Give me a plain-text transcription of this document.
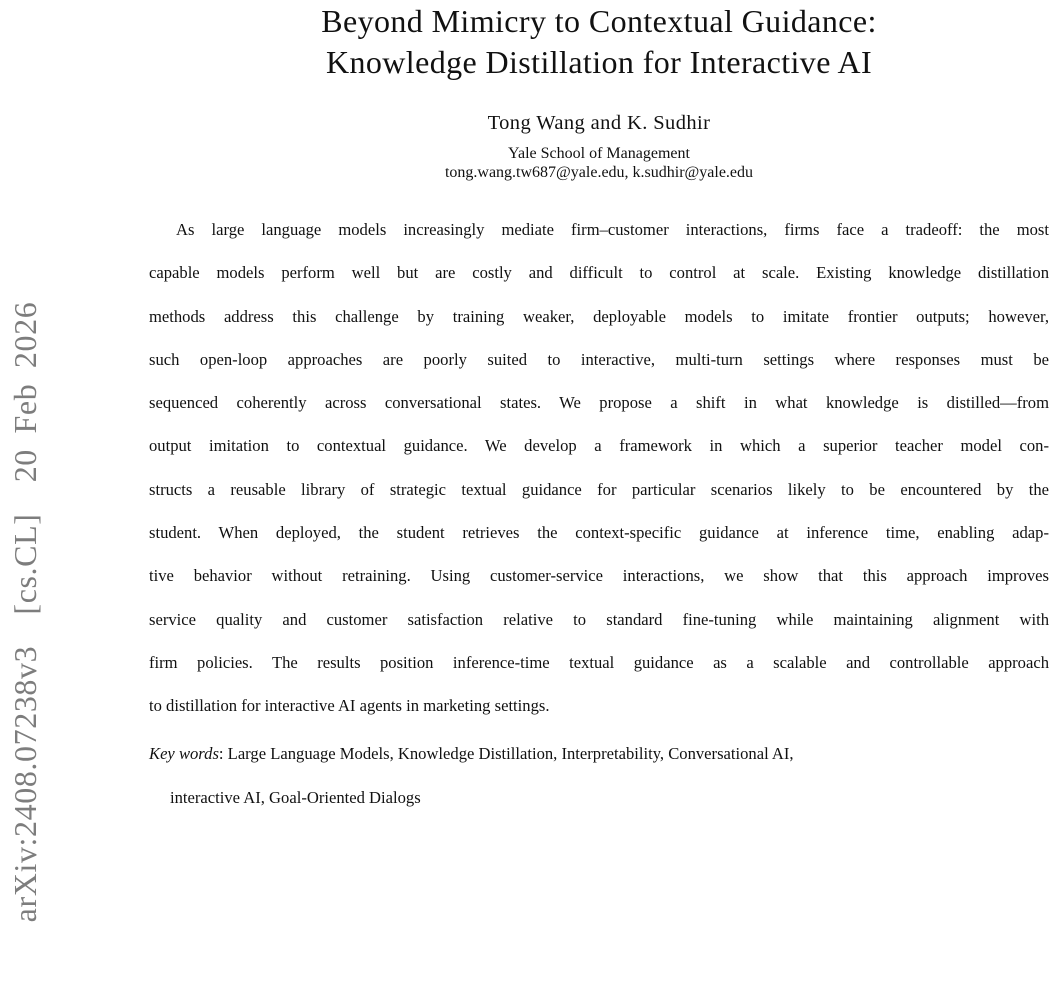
arXiv:2408.07238v3  [cs.CL]  20 Feb 2026
Beyond Mimicry to Contextual Guidance:
Knowledge Distillation for Interactive AI
Tong Wang and K. Sudhir
Yale School of Management
tong.wang.tw687@yale.edu, k.sudhir@yale.edu
As large language models increasingly mediate firm–customer interactions, firms face a tradeoff: the most
capable models perform well but are costly and difficult to control at scale. Existing knowledge distillation
methods address this challenge by training weaker, deployable models to imitate frontier outputs; however,
such open-loop approaches are poorly suited to interactive, multi-turn settings where responses must be
sequenced coherently across conversational states. We propose a shift in what knowledge is distilled—from
output imitation to contextual guidance. We develop a framework in which a superior teacher model con-
structs a reusable library of strategic textual guidance for particular scenarios likely to be encountered by the
student. When deployed, the student retrieves the context-specific guidance at inference time, enabling adap-
tive behavior without retraining. Using customer-service interactions, we show that this approach improves
service quality and customer satisfaction relative to standard fine-tuning while maintaining alignment with
firm policies. The results position inference-time textual guidance as a scalable and controllable approach
to distillation for interactive AI agents in marketing settings.
Key words: Large Language Models, Knowledge Distillation, Interpretability, Conversational AI,
interactive AI, Goal-Oriented Dialogs
